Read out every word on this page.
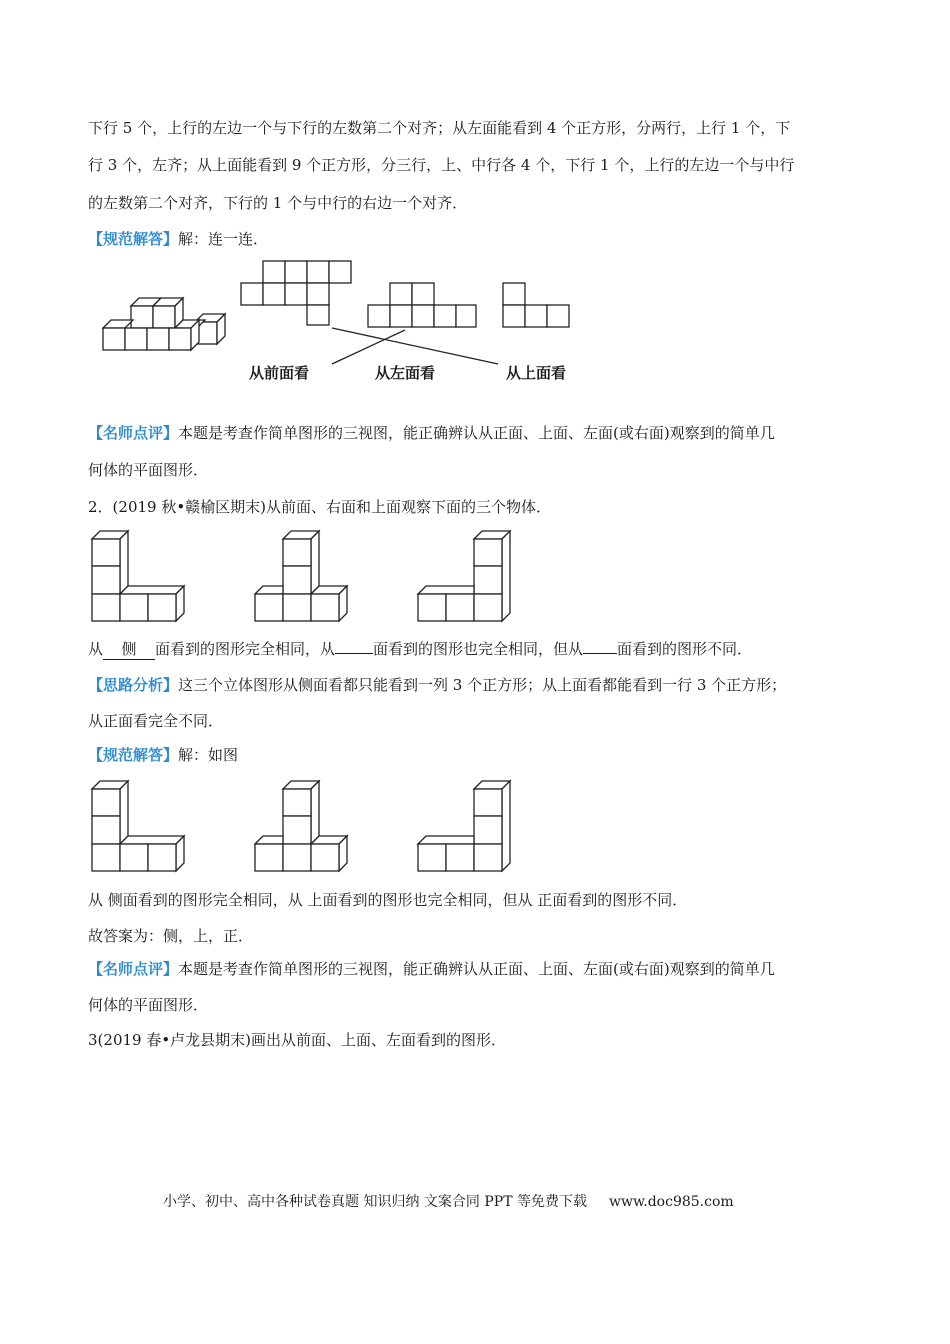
下行 5 个，上行的左边一个与下行的左数第二个对齐；从左面能看到 4 个正方形，分两行，上行 1 个，下
行 3 个，左齐；从上面能看到 9 个正方形，分三行，上、中行各 4 个，下行 1 个，上行的左边一个与中行
的左数第二个对齐，下行的 1 个与中行的右边一个对齐．
【规范解答】解：连一连．
从前面看	从左面看	从上面看
【名师点评】本题是考查作简单图形的三视图，能正确辨认从正面、上面、左面(或右面)观察到的简单几
何体的平面图形．
2．(2019 秋•赣榆区期末)从前面、右面和上面观察下面的三个物体．
从 侧 面看到的图形完全相同，从	面看到的图形也完全相同，但从 面看到的图形不同．
【思路分析】这三个立体图形从侧面看都只能看到一列 3 个正方形；从上面看都能看到一行 3 个正方形；
从正面看完全不同．
【规范解答】解：如图
从 侧面看到的图形完全相同，从 上面看到的图形也完全相同，但从 正面看到的图形不同．
故答案为：侧，上，正．
【名师点评】本题是考查作简单图形的三视图，能正确辨认从正面、上面、左面(或右面)观察到的简单几
何体的平面图形．
3(2019 春•卢龙县期末)画出从前面、上面、左面看到的图形．
小学、初中、高中各种试卷真题 知识归纳 文案合同 PPT 等免费下载 www.doc985.com
